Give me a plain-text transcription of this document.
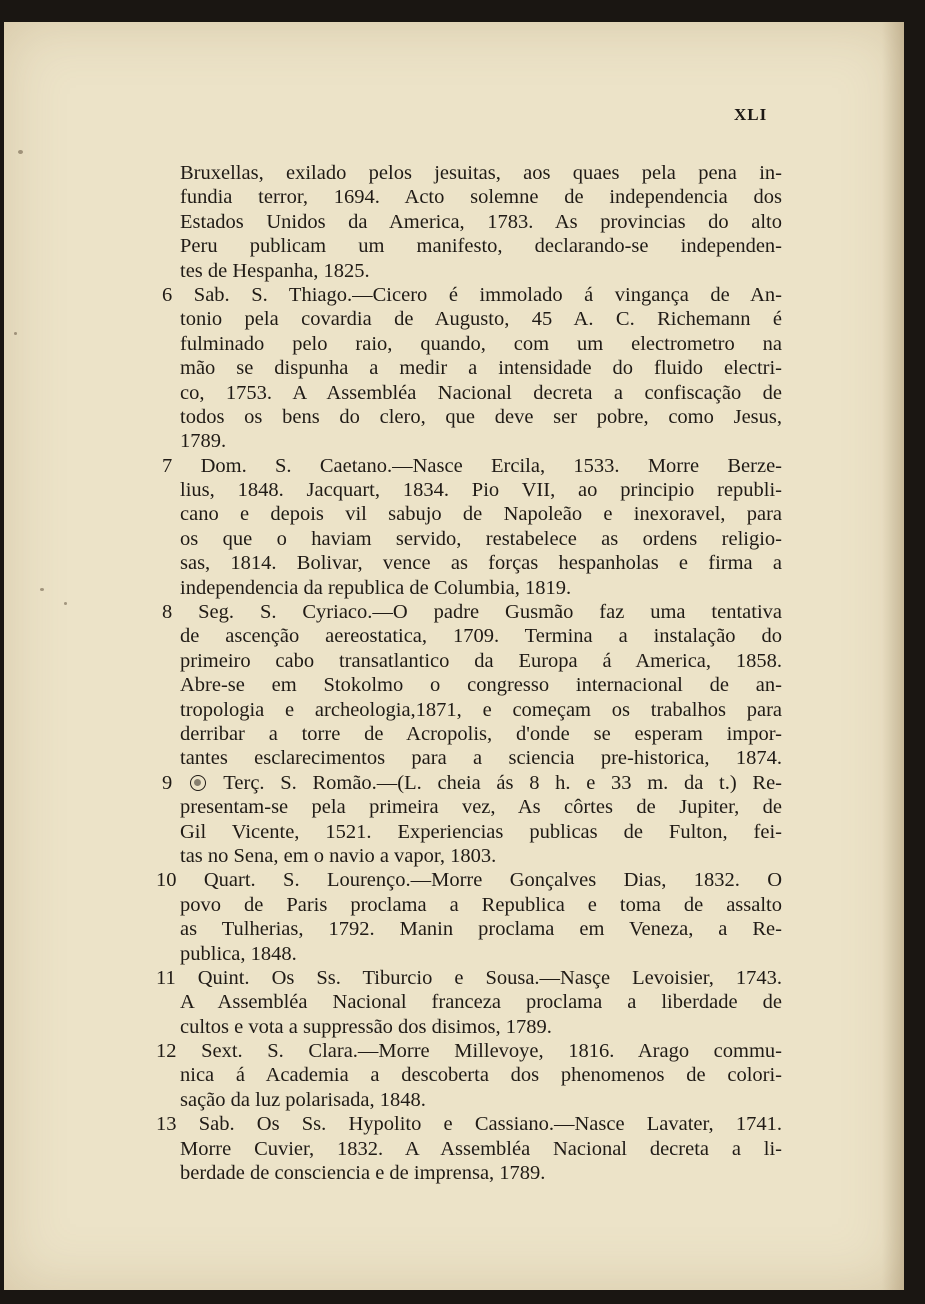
XLI
Bruxellas, exilado pelos jesuitas, aos quaes pela pena in-
fundia terror, 1694. Acto solemne de independencia dos
Estados Unidos da America, 1783. As provincias do alto
Peru publicam um manifesto, declarando-se independen-
tes de Hespanha, 1825.
6 Sab. S. Thiago.—Cicero é immolado á vingança de An-
tonio pela covardia de Augusto, 45 A. C. Richemann é
fulminado pelo raio, quando, com um electrometro na
mão se dispunha a medir a intensidade do fluido electri-
co, 1753. A Assembléa Nacional decreta a confiscação de
todos os bens do clero, que deve ser pobre, como Jesus,
1789.
7 Dom. S. Caetano.—Nasce Ercila, 1533. Morre Berze-
lius, 1848. Jacquart, 1834. Pio VII, ao principio republi-
cano e depois vil sabujo de Napoleão e inexoravel, para
os que o haviam servido, restabelece as ordens religio-
sas, 1814. Bolivar, vence as forças hespanholas e firma a
independencia da republica de Columbia, 1819.
8 Seg. S. Cyriaco.—O padre Gusmão faz uma tentativa
de ascenção aereostatica, 1709. Termina a instalação do
primeiro cabo transatlantico da Europa á America, 1858.
Abre-se em Stokolmo o congresso internacional de an-
tropologia e archeologia,1871, e começam os trabalhos para
derribar a torre de Acropolis, d'onde se esperam impor-
tantes esclarecimentos para a sciencia pre-historica, 1874.
9 Terç. S. Romão.—(L. cheia ás 8 h. e 33 m. da t.) Re-
presentam-se pela primeira vez, As côrtes de Jupiter, de
Gil Vicente, 1521. Experiencias publicas de Fulton, fei-
tas no Sena, em o navio a vapor, 1803.
10 Quart. S. Lourenço.—Morre Gonçalves Dias, 1832. O
povo de Paris proclama a Republica e toma de assalto
as Tulherias, 1792. Manin proclama em Veneza, a Re-
publica, 1848.
11 Quint. Os Ss. Tiburcio e Sousa.—Nasçe Levoisier, 1743.
A Assembléa Nacional franceza proclama a liberdade de
cultos e vota a suppressão dos disimos, 1789.
12 Sext. S. Clara.—Morre Millevoye, 1816. Arago commu-
nica á Academia a descoberta dos phenomenos de colori-
sação da luz polarisada, 1848.
13 Sab. Os Ss. Hypolito e Cassiano.—Nasce Lavater, 1741.
Morre Cuvier, 1832. A Assembléa Nacional decreta a li-
berdade de consciencia e de imprensa, 1789.
